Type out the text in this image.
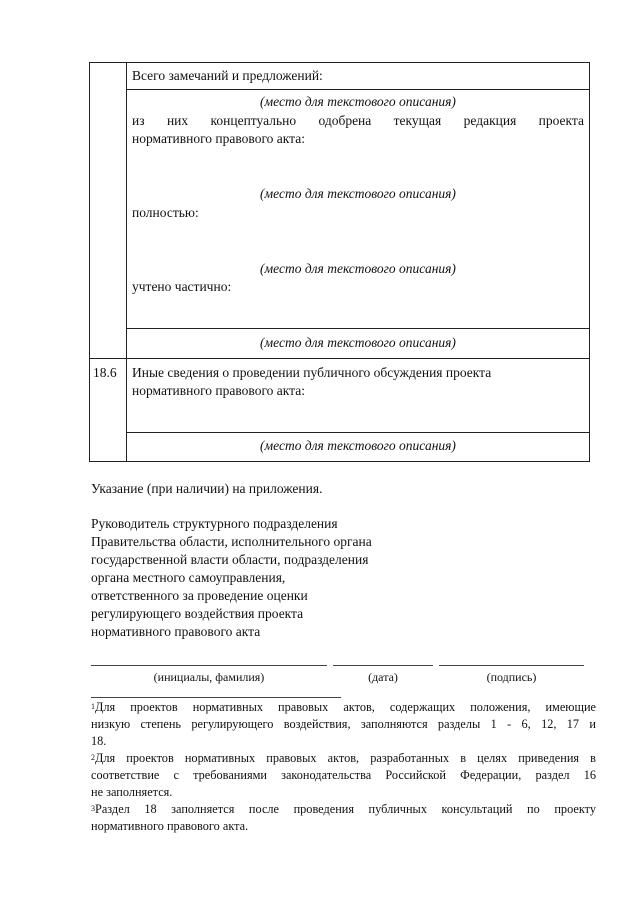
Всего замечаний и предложений:
(место для текстового описания)
из них концептуально одобрена текущая редакция проекта
нормативного правового акта:
(место для текстового описания)
полностью:
(место для текстового описания)
учтено частично:
(место для текстового описания)
18.6 Иные сведения о проведении публичного обсуждения проекта
нормативного правового акта:
(место для текстового описания)
Указание (при наличии) на приложения.
Руководитель структурного подразделения
Правительства области, исполнительного органа
государственной власти области, подразделения
органа местного самоуправления,
ответственного за проведение оценки
регулирующего воздействия проекта
нормативного правового акта
(инициалы, фамилия)	(дата)	(подпись)
$^1$Для проектов нормативных правовых актов, содержащих положения, имеющие
низкую степень регулирующего воздействия, заполняются разделы 1 - 6, 12, 17 и
18.
$^2$Для проектов нормативных правовых актов, разработанных в целях приведения в
соответствие с требованиями законодательства Российской Федерации, раздел 16
не заполняется.
$^3$Раздел 18 заполняется после проведения публичных консультаций по проекту
нормативного правового акта.
